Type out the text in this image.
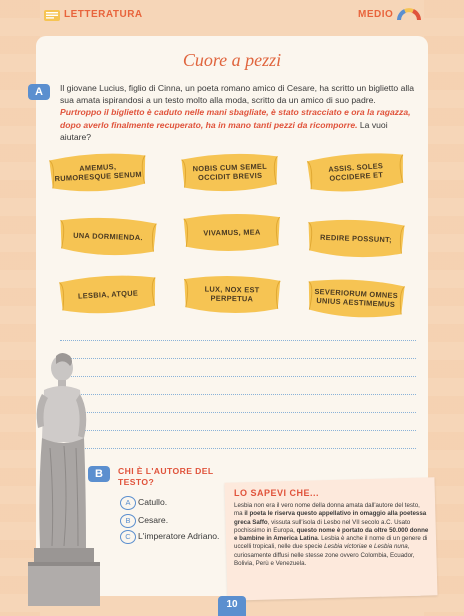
LETTERATURA	MEDIO
Cuore a pezzi
A	Il giovane Lucius, figlio di Cinna, un poeta romano amico di Cesare, ha scritto un biglietto alla sua amata ispirandosi a un testo molto alla moda, scritto da un amico di suo padre. Purtroppo il biglietto è caduto nelle mani sbagliate, è stato stracciato e ora la ragazza, dopo averlo finalmente recuperato, ha in mano tanti pezzi da ricomporre. La vuoi aiutare?
AMEMUS, RUMORESQUE SENUM
NOBIS CUM SEMEL OCCIDIT BREVIS
ASSIS. SOLES OCCIDERE ET
UNA DORMIENDA.	VIVAMUS, MEA
REDIRE POSSUNT;
LESBIA, ATQUE	LUX, NOX EST PERPETUA	SEVERIORUM OMNES UNIUS AESTIMEMUS
B	CHI È L'AUTORE DEL TESTO?
A Catullo.
B Cesare.
C L'imperatore Adriano.
LO SAPEVI CHE...
Lesbia non era il vero nome della donna amata dall'autore del testo, ma il poeta le riserva questo appellativo in omaggio alla poetessa greca Saffo, vissuta sull'isola di Lesbo nel VII secolo a.C. Usato pochissimo in Europa, questo nome è portato da oltre 50.000 donne e bambine in America Latina. Lesbia è anche il nome di un genere di uccelli tropicali, nelle due specie Lesbia victoriae e Lesbia nuna, curiosamente diffusi nelle stesse zone ovvero Colombia, Ecuador, Bolivia, Perù e Venezuela.
10
